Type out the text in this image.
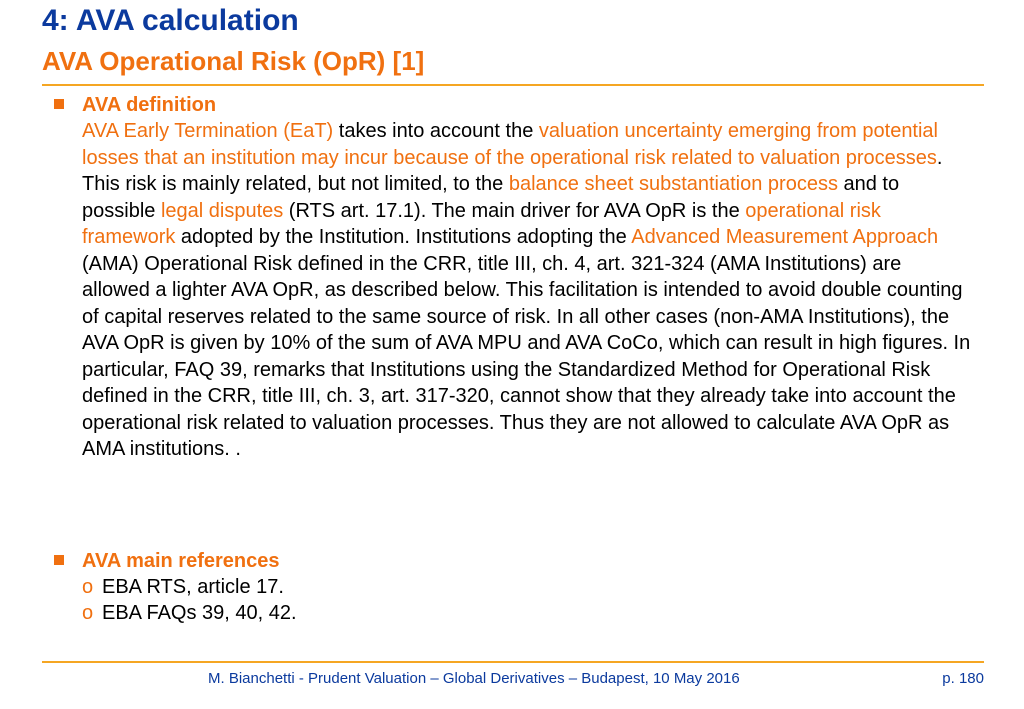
4: AVA calculation
AVA Operational Risk (OpR) [1]
AVA definition
AVA Early Termination (EaT) takes into account the valuation uncertainty emerging from potential losses that an institution may incur because of the operational risk related to valuation processes. This risk is mainly related, but not limited, to the balance sheet substantiation process and to possible legal disputes (RTS art. 17.1). The main driver for AVA OpR is the operational risk framework adopted by the Institution. Institutions adopting the Advanced Measurement Approach (AMA) Operational Risk defined in the CRR, title III, ch. 4, art. 321-324 (AMA Institutions) are allowed a lighter AVA OpR, as described below. This facilitation is intended to avoid double counting of capital reserves related to the same source of risk. In all other cases (non-AMA Institutions), the AVA OpR is given by 10% of the sum of AVA MPU and AVA CoCo, which can result in high figures. In particular, FAQ 39, remarks that Institutions using the Standardized Method for Operational Risk defined in the CRR, title III, ch. 3, art. 317-320, cannot show that they already take into account the operational risk related to valuation processes. Thus they are not allowed to calculate AVA OpR as AMA institutions. .
AVA main references
o EBA RTS, article 17.
o EBA FAQs 39, 40, 42.
M. Bianchetti - Prudent Valuation – Global Derivatives – Budapest, 10 May 2016	p. 180
